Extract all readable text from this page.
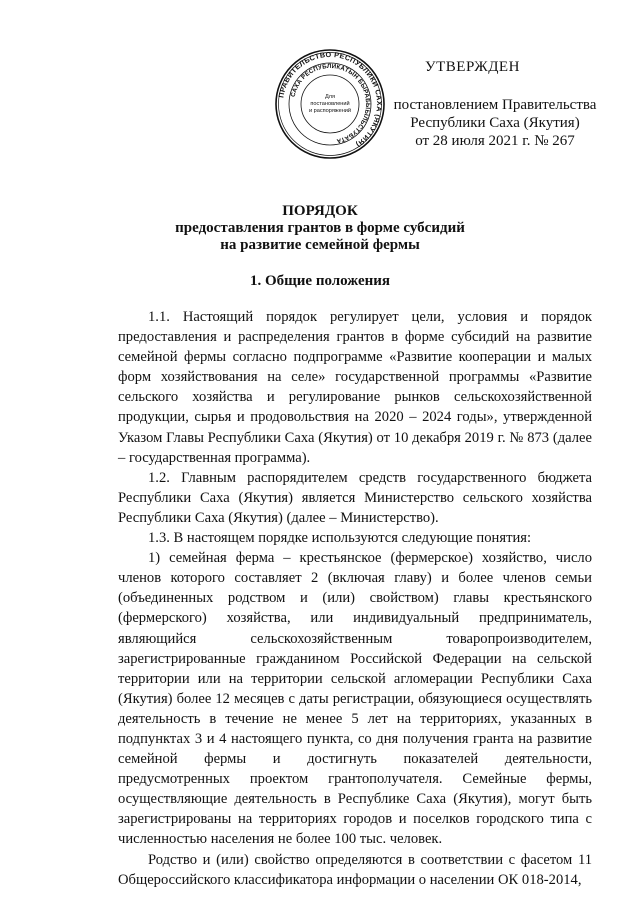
УТВЕРЖДЕН
постановлением Правительства
Республики Саха (Якутия)
от 28 июля 2021 г. № 267
ПРАВИТЕЛЬСТВО РЕСПУБЛИКИ САХА (ЯКУТИЯ)
САХА РЕСПУБЛИКАТЫН БЫРАБЫЫЛЬСТУБАТА
Для
постановлений
и распоряжений
ПОРЯДОК
предоставления грантов в форме субсидий
на развитие семейной фермы
1. Общие положения

1.1. Настоящий порядок регулирует цели, условия и порядок предоставления и распределения грантов в форме субсидий на развитие семейной фермы согласно подпрограмме «Развитие кооперации и малых форм хозяйствования на селе» государственной программы «Развитие сельского хозяйства и регулирование рынков сельскохозяйственной продукции, сырья и продовольствия на 2020 – 2024 годы», утвержденной Указом Главы Республики Саха (Якутия) от 10 декабря 2019 г. № 873 (далее – государственная программа).

1.2. Главным распорядителем средств государственного бюджета Республики Саха (Якутия) является Министерство сельского хозяйства Республики Саха (Якутия) (далее – Министерство).

1.3. В настоящем порядке используются следующие понятия:

1) семейная ферма – крестьянское (фермерское) хозяйство, число членов которого составляет 2 (включая главу) и более членов семьи (объединенных родством и (или) свойством) главы крестьянского (фермерского) хозяйства, или индивидуальный предприниматель, являющийся сельскохозяйственным товаропроизводителем, зарегистрированные гражданином Российской Федерации на сельской территории или на территории сельской агломерации Республики Саха (Якутия) более 12 месяцев с даты регистрации, обязующиеся осуществлять деятельность в течение не менее 5 лет на территориях, указанных в подпунктах 3 и 4 настоящего пункта, со дня получения гранта на развитие семейной фермы и достигнуть показателей деятельности, предусмотренных проектом грантополучателя. Семейные фермы, осуществляющие деятельность в Республике Саха (Якутия), могут быть зарегистрированы на территориях городов и поселков городского типа с численностью населения не более 100 тыс. человек.

Родство и (или) свойство определяются в соответствии с фасетом 11 Общероссийского классификатора информации о населении ОК 018-2014,
